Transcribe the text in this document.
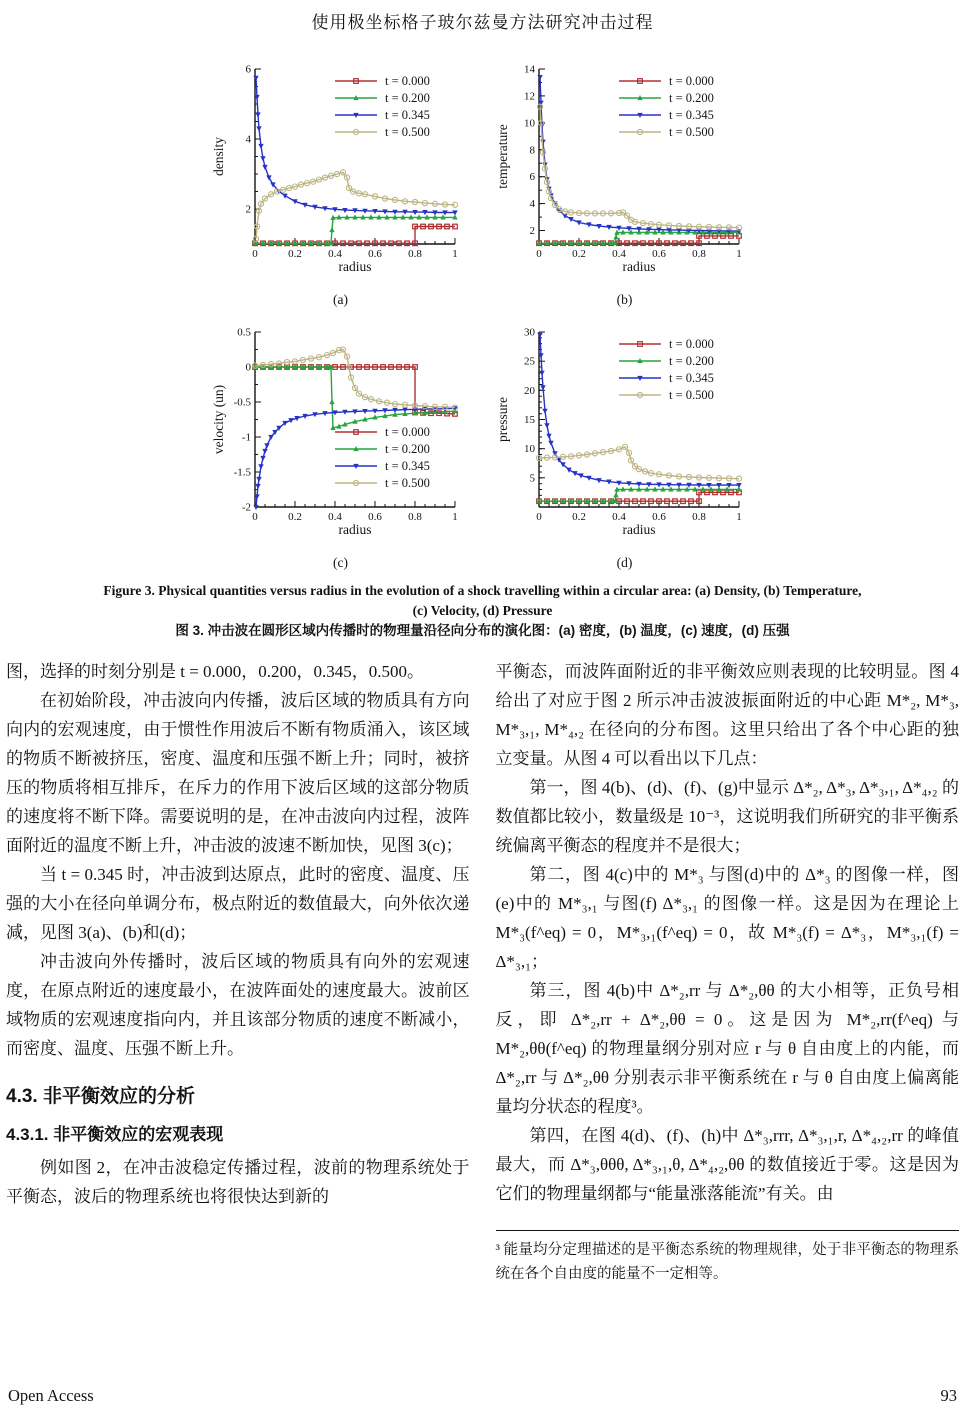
使用极坐标格子玻尔兹曼方法研究冲击过程
0	0.2 0.4 0.6 0.8	1
2
4
6
t = 0.000
t = 0.200
t = 0.345
t = 0.500
radius
density
(a)
0	0.2 0.4 0.6 0.8	1
2
4
6
8
10
12
14
t = 0.000
t = 0.200
t = 0.345
t = 0.500
radius
temperature
(b)
0	0.2 0.4 0.6 0.8	1
0.5
0
-0.5
-1
-1.5
-2
t = 0.000
t = 0.200
t = 0.345
t = 0.500
radius
velocity (un)
(c)
0	0.2 0.4 0.6 0.8	1
5
10
15
20
25
30
t = 0.000
t = 0.200
t = 0.345
t = 0.500
radius
pressure
(d)
Figure 3. Physical quantities versus radius in the evolution of a shock travelling within a circular area: (a) Density, (b) Temperature,
(c) Velocity, (d) Pressure
图 3. 冲击波在圆形区域内传播时的物理量沿径向分布的演化图：(a) 密度，(b) 温度，(c) 速度，(d) 压强
图，选择的时刻分别是 t = 0.000，0.200，0.345，0.500。
在初始阶段，冲击波向内传播，波后区域的物质具有方向向内的宏观速度，由于惯性作用波后不断有物质涌入，该区域的物质不断被挤压，密度、温度和压强不断上升；同时，被挤压的物质将相互排斥，在斥力的作用下波后区域的这部分物质的速度将不断下降。需要说明的是，在冲击波向内过程，波阵面附近的温度不断上升，冲击波的波速不断加快，见图 3(c)；
当 t = 0.345 时，冲击波到达原点，此时的密度、温度、压强的大小在径向单调分布，极点附近的数值最大，向外依次递减，见图 3(a)、(b)和(d)；
冲击波向外传播时，波后区域的物质具有向外的宏观速度，在原点附近的速度最小，在波阵面处的速度最大。波前区域物质的宏观速度指向内，并且该部分物质的速度不断减小，而密度、温度、压强不断上升。
4.3. 非平衡效应的分析
4.3.1. 非平衡效应的宏观表现
例如图 2，在冲击波稳定传播过程，波前的物理系统处于平衡态，波后的物理系统也将很快达到新的
平衡态，而波阵面附近的非平衡效应则表现的比较明显。图 4 给出了对应于图 2 所示冲击波波振面附近的中心距 M*₂, M*₃, M*₃,₁, M*₄,₂ 在径向的分布图。这里只给出了各个中心距的独立变量。从图 4 可以看出以下几点：
第一，图 4(b)、(d)、(f)、(g)中显示 Δ*₂, Δ*₃, Δ*₃,₁, Δ*₄,₂ 的数值都比较小，数量级是 10⁻³，这说明我们所研究的非平衡系统偏离平衡态的程度并不是很大；
第二，图 4(c)中的 M*₃ 与图(d)中的 Δ*₃ 的图像一样，图(e)中的 M*₃,₁ 与图(f) Δ*₃,₁ 的图像一样。这是因为在理论上 M*₃(f^eq) = 0，M*₃,₁(f^eq) = 0，故 M*₃(f) = Δ*₃，M*₃,₁(f) = Δ*₃,₁；
第三，图 4(b)中 Δ*₂,rr 与 Δ*₂,θθ 的大小相等，正负号相反，即 Δ*₂,rr + Δ*₂,θθ = 0。这是因为 M*₂,rr(f^eq) 与 M*₂,θθ(f^eq) 的物理量纲分别对应 r 与 θ 自由度上的内能，而 Δ*₂,rr 与 Δ*₂,θθ 分别表示非平衡系统在 r 与 θ 自由度上偏离能量均分状态的程度³。
第四，在图 4(d)、(f)、(h)中 Δ*₃,rrr, Δ*₃,₁,r, Δ*₄,₂,rr 的峰值最大，而 Δ*₃,θθθ, Δ*₃,₁,θ, Δ*₄,₂,θθ 的数值接近于零。这是因为它们的物理量纲都与“能量涨落能流”有关。由
³ 能量均分定理描述的是平衡态系统的物理规律，处于非平衡态的物理系统在各个自由度的能量不一定相等。
Open Access	93
